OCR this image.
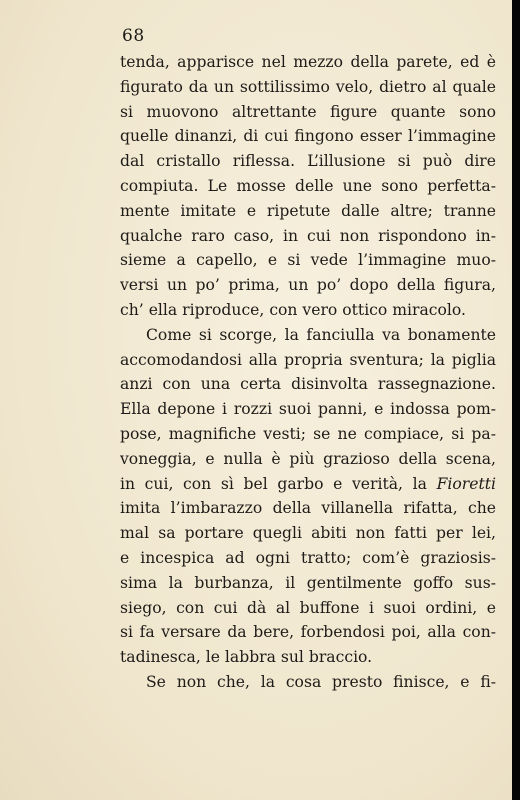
68
tenda, apparisce nel mezzo della parete, ed è
figurato da un sottilissimo velo, dietro al quale
si muovono altrettante figure quante sono
quelle dinanzi, di cui fingono esser l’immagine
dal cristallo riflessa. L’illusione si può dire
compiuta. Le mosse delle une sono perfetta-
mente imitate e ripetute dalle altre; tranne
qualche raro caso, in cui non rispondono in-
sieme a capello, e si vede l’immagine muo-
versi un po’ prima, un po’ dopo della figura,
ch’ ella riproduce, con vero ottico miracolo.
Come si scorge, la fanciulla va bonamente
accomodandosi alla propria sventura; la piglia
anzi con una certa disinvolta rassegnazione.
Ella depone i rozzi suoi panni, e indossa pom-
pose, magnifiche vesti; se ne compiace, si pa-
voneggia, e nulla è più grazioso della scena,
in cui, con sì bel garbo e verità, la Fioretti
imita l’imbarazzo della villanella rifatta, che
mal sa portare quegli abiti non fatti per lei,
e incespica ad ogni tratto; com’è graziosis-
sima la burbanza, il gentilmente goffo sus-
siego, con cui dà al buffone i suoi ordini, e
si fa versare da bere, forbendosi poi, alla con-
tadinesca, le labbra sul braccio.
Se non che, la cosa presto finisce, e fi-
